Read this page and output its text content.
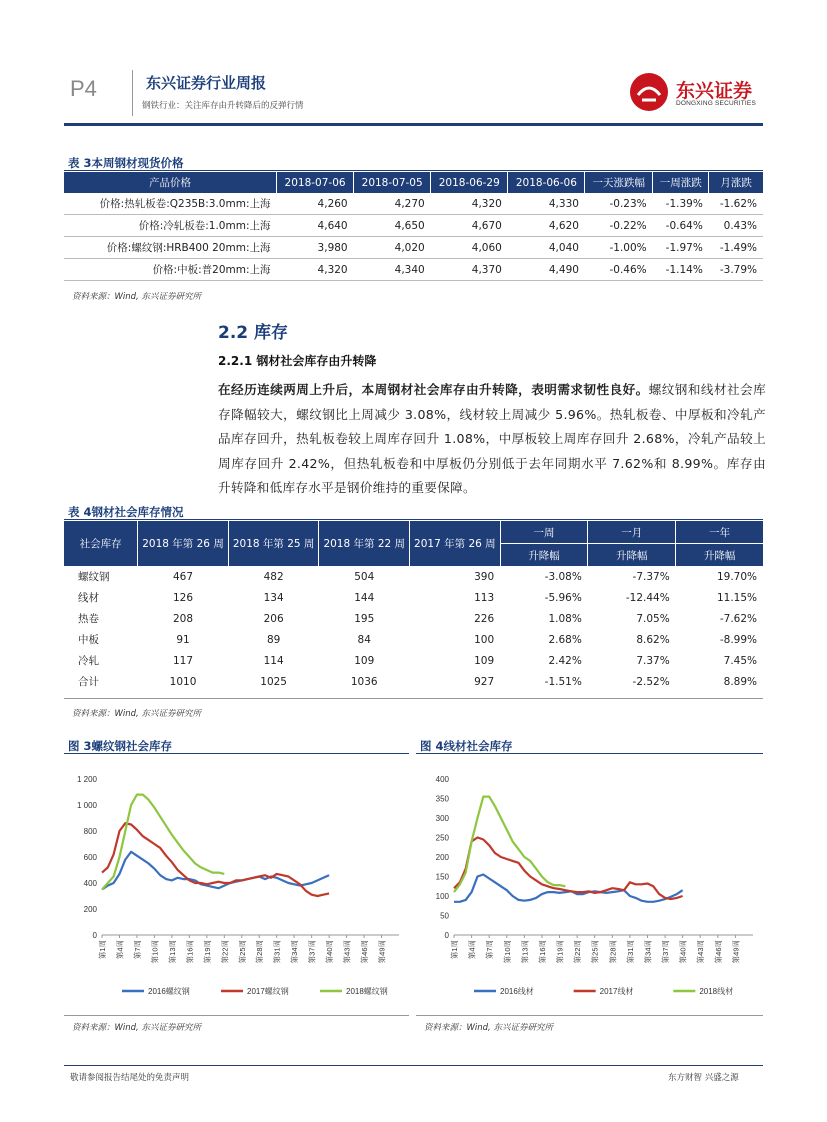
P4	东兴证券行业周报
钢铁行业：关注库存由升转降后的反弹行情
东兴证券
DONGXING SECURITIES
表 3本周钢材现货价格
产品价格	2018-07-06	2018-07-05	2018-06-29	2018-06-06	一天涨跌幅	一周涨跌	月涨跌
价格:热轧板卷:Q235B:3.0mm:上海	4,260	4,270	4,320	4,330	-0.23%	-1.39%	-1.62%
价格:冷轧板卷:1.0mm:上海	4,640	4,650	4,670	4,620	-0.22%	-0.64%	0.43%
价格:螺纹钢:HRB400 20mm:上海	3,980	4,020	4,060	4,040	-1.00%	-1.97%	-1.49%
价格:中板:普20mm:上海	4,320	4,340	4,370	4,490	-0.46%	-1.14%	-3.79%
资料来源：Wind, 东兴证券研究所
2.2 库存
2.2.1 钢材社会库存由升转降
在经历连续两周上升后，本周钢材社会库存由升转降，表明需求韧性良好。螺纹钢和线材社会库存降幅较大，螺纹钢比上周减少 3.08%，线材较上周减少 5.96%。热轧板卷、中厚板和冷轧产品库存回升，热轧板卷较上周库存回升 1.08%，中厚板较上周库存回升 2.68%，冷轧产品较上周库存回升 2.42%，但热轧板卷和中厚板仍分别低于去年同期水平 7.62%和 8.99%。库存由升转降和低库存水平是钢价维持的重要保障。
表 4钢材社会库存情况
社会库存	2018 年第 26 周	2018 年第 25 周	2018 年第 22 周	2017 年第 26 周	一周	一月	一年
					升降幅	升降幅	升降幅
螺纹钢	467	482	504	390	-3.08%	-7.37%	19.70%
线材	126	134	144	113	-5.96%	-12.44%	11.15%
热卷	208	206	195	226	1.08%	7.05%	-7.62%
中板	91	89	84	100	2.68%	8.62%	-8.99%
冷轧	117	114	109	109	2.42%	7.37%	7.45%
合计	1010	1025	1036	927	-1.51%	-2.52%	8.89%
资料来源：Wind, 东兴证券研究所
图 3螺纹钢社会库存	图 4线材社会库存
0
200
400
600
800
1 000
1 200
第1周 第4周 第7周 第10周 第13周 第16周 第19周 第22周 第25周 第28周 第31周 第34周 第37周 第40周 第43周 第46周 第49周
2016螺纹钢	2017螺纹钢	2018螺纹钢
0
50
100
150
200
250
300
350
400
第1周 第4周 第7周 第10周 第13周 第16周 第19周 第22周 第25周 第28周 第31周 第34周 第37周 第40周 第43周 第46周 第49周
2016线材	2017线材	2018线材
资料来源：Wind, 东兴证券研究所	资料来源：Wind, 东兴证券研究所
敬请参阅报告结尾处的免责声明	东方财智 兴盛之源
